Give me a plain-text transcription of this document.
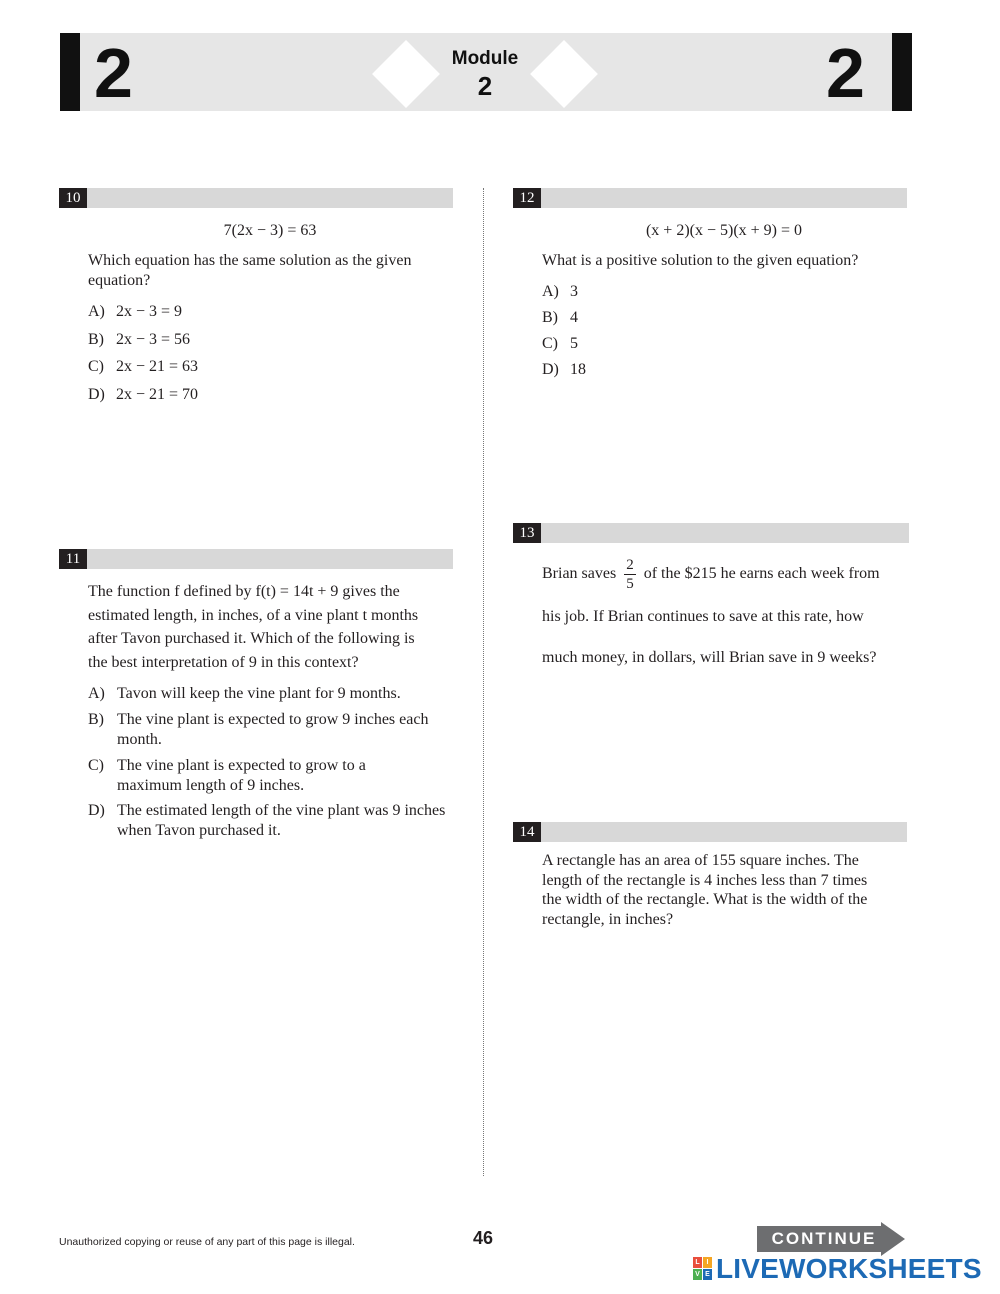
2	2
Module
2
10
7(2x − 3) = 63
Which equation has the same solution as the given equation?
A) 2x − 3 = 9
B) 2x − 3 = 56
C) 2x − 21 = 63
D) 2x − 21 = 70
11
The function f defined by f(t) = 14t + 9 gives the
estimated length, in inches, of a vine plant t months
after Tavon purchased it. Which of the following is
the best interpretation of 9 in this context?
A) Tavon will keep the vine plant for 9 months.
B) The vine plant is expected to grow 9 inches each month.
C) The vine plant is expected to grow to a maximum length of 9 inches.
D) The estimated length of the vine plant was 9 inches when Tavon purchased it.
12
(x + 2)(x − 5)(x + 9) = 0
What is a positive solution to the given equation?
A) 3
B) 4
C) 5
D) 18
13
Brian saves $\frac{2}{5}$ of the $215 he earns each week from
his job. If Brian continues to save at this rate, how
much money, in dollars, will Brian save in 9 weeks?
14
A rectangle has an area of 155 square inches. The
length of the rectangle is 4 inches less than 7 times
the width of the rectangle. What is the width of the
rectangle, in inches?
Unauthorized copying or reuse of any part of this page is illegal.	46	CONTINUE
L I
V E LIVEWORKSHEETS
